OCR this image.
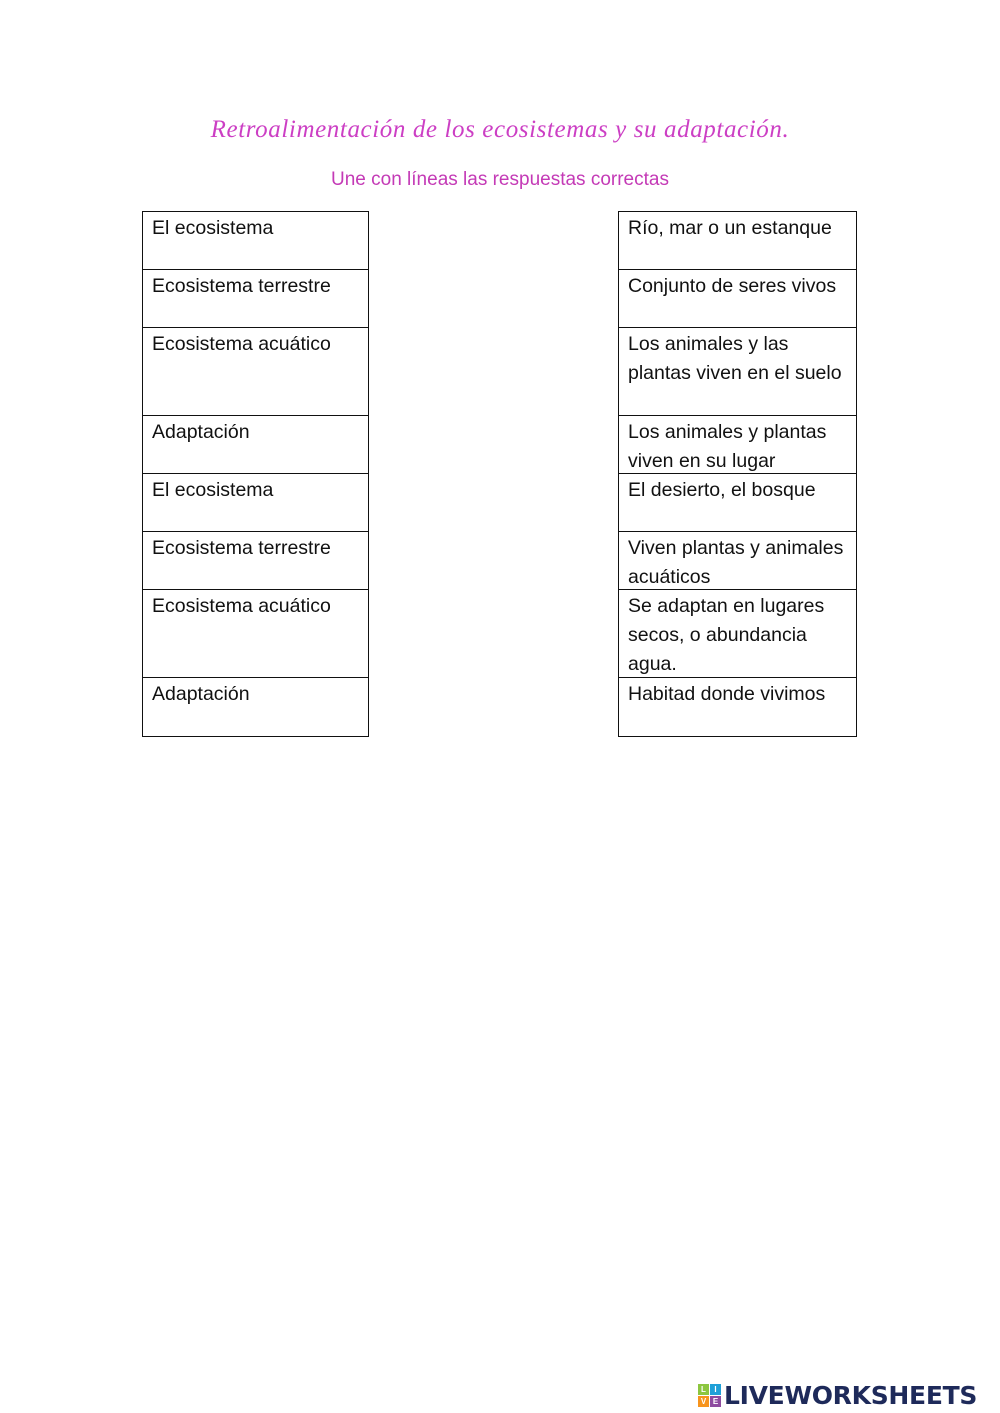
Retroalimentación de los ecosistemas y su adaptación.
Une con líneas las respuestas correctas
El ecosistema
Ecosistema terrestre
Ecosistema acuático
Adaptación
El ecosistema
Ecosistema terrestre
Ecosistema acuático
Adaptación
Río, mar o un estanque
Conjunto de seres vivos
Los animales y las plantas viven en el suelo
Los animales y plantas viven en su lugar
El desierto, el bosque
Viven plantas y animales acuáticos
Se adaptan en lugares secos, o abundancia agua.
Habitad donde vivimos
L	I
V E LIVEWORKSHEETS
